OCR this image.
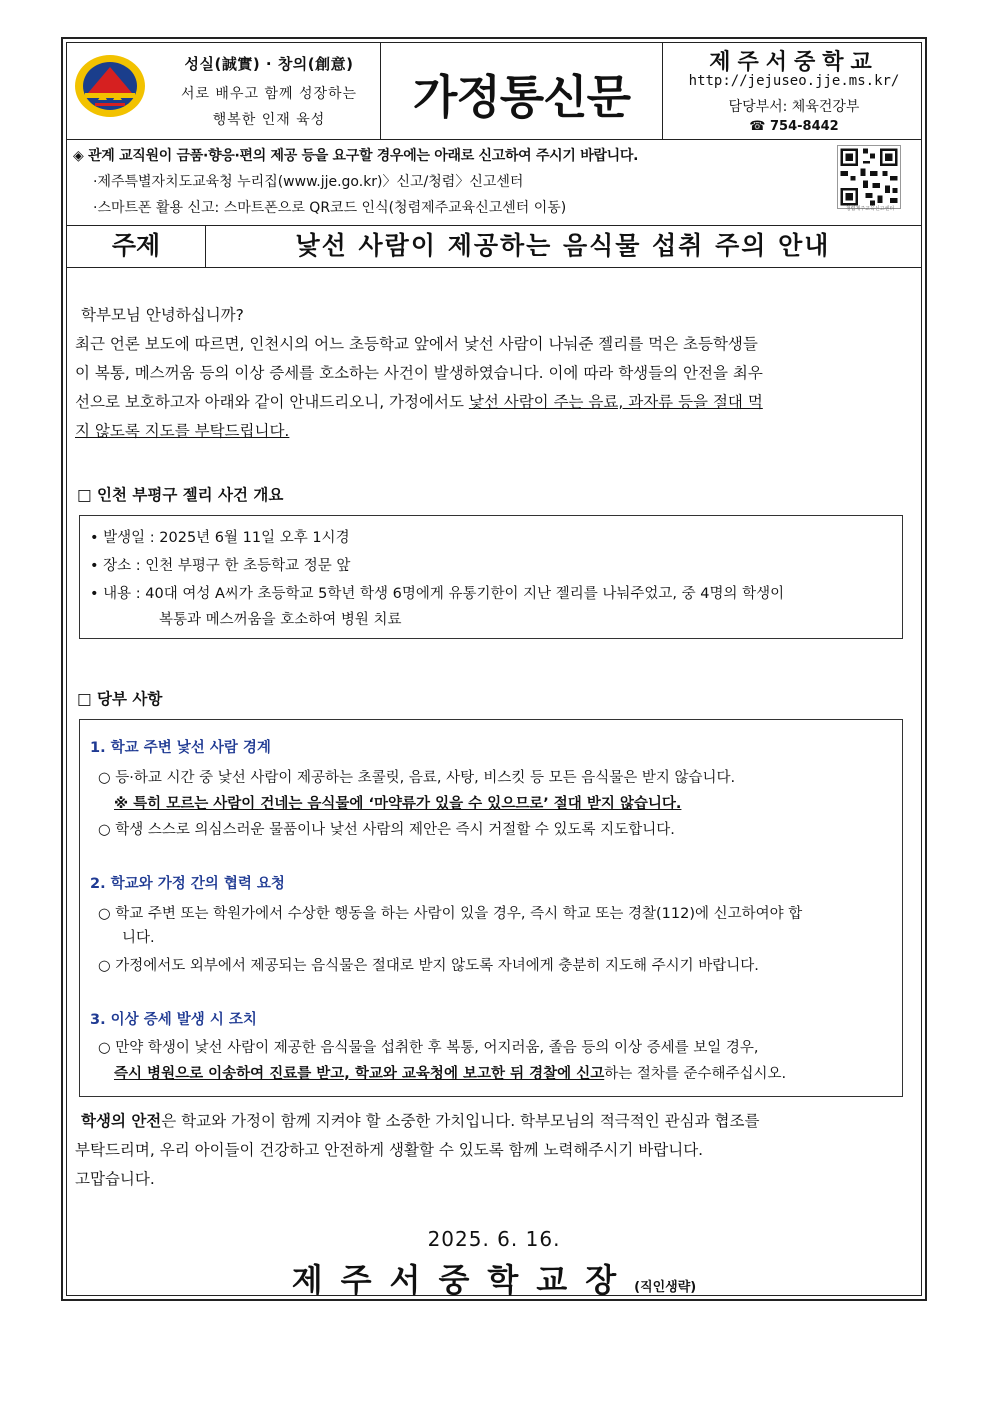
성실(誠實) · 창의(創意)
서로 배우고 함께 성장하는
행복한 인재 육성	가정통신문
제주서중학교
http://jejuseo.jje.ms.kr/
담당부서: 체육건강부
☎ 754-8442
◈ 관계 교직원이 금품·향응·편의 제공 등을 요구할 경우에는 아래로 신고하여 주시기 바랍니다.
·제주특별자치도교육청 누리집(www.jje.go.kr)〉신고/청렴〉신고센터
·스마트폰 활용 신고: 스마트폰으로 QR코드 인식(청렴제주교육신고센터 이동)	청렴제주교육신고센터
주제	낯선 사람이 제공하는 음식물 섭취 주의 안내
학부모님 안녕하십니까?
최근 언론 보도에 따르면, 인천시의 어느 초등학교 앞에서 낯선 사람이 나눠준 젤리를 먹은 초등학생들
이 복통, 메스꺼움 등의 이상 증세를 호소하는 사건이 발생하였습니다. 이에 따라 학생들의 안전을 최우
선으로 보호하고자 아래와 같이 안내드리오니, 가정에서도 낯선 사람이 주는 음료, 과자류 등을 절대 먹
지 않도록 지도를 부탁드립니다.
□ 인천 부평구 젤리 사건 개요
• 발생일 : 2025년 6월 11일 오후 1시경
• 장소 : 인천 부평구 한 초등학교 정문 앞
• 내용 : 40대 여성 A씨가 초등학교 5학년 학생 6명에게 유통기한이 지난 젤리를 나눠주었고, 중 4명의 학생이
복통과 메스꺼움을 호소하여 병원 치료
□ 당부 사항
1. 학교 주변 낯선 사람 경계
○ 등·하교 시간 중 낯선 사람이 제공하는 초콜릿, 음료, 사탕, 비스킷 등 모든 음식물은 받지 않습니다.
※ 특히 모르는 사람이 건네는 음식물에 ‘마약류가 있을 수 있으므로’ 절대 받지 않습니다.
○ 학생 스스로 의심스러운 물품이나 낯선 사람의 제안은 즉시 거절할 수 있도록 지도합니다.
2. 학교와 가정 간의 협력 요청
○ 학교 주변 또는 학원가에서 수상한 행동을 하는 사람이 있을 경우, 즉시 학교 또는 경찰(112)에 신고하여야 합
니다.
○ 가정에서도 외부에서 제공되는 음식물은 절대로 받지 않도록 자녀에게 충분히 지도해 주시기 바랍니다.
3. 이상 증세 발생 시 조치
○ 만약 학생이 낯선 사람이 제공한 음식물을 섭취한 후 복통, 어지러움, 졸음 등의 이상 증세를 보일 경우,
즉시 병원으로 이송하여 진료를 받고, 학교와 교육청에 보고한 뒤 경찰에 신고하는 절차를 준수해주십시오.
학생의 안전은 학교와 가정이 함께 지켜야 할 소중한 가치입니다. 학부모님의 적극적인 관심과 협조를
부탁드리며, 우리 아이들이 건강하고 안전하게 생활할 수 있도록 함께 노력해주시기 바랍니다.
고맙습니다.
2025. 6. 16.
제주서중학교장(직인생략)
